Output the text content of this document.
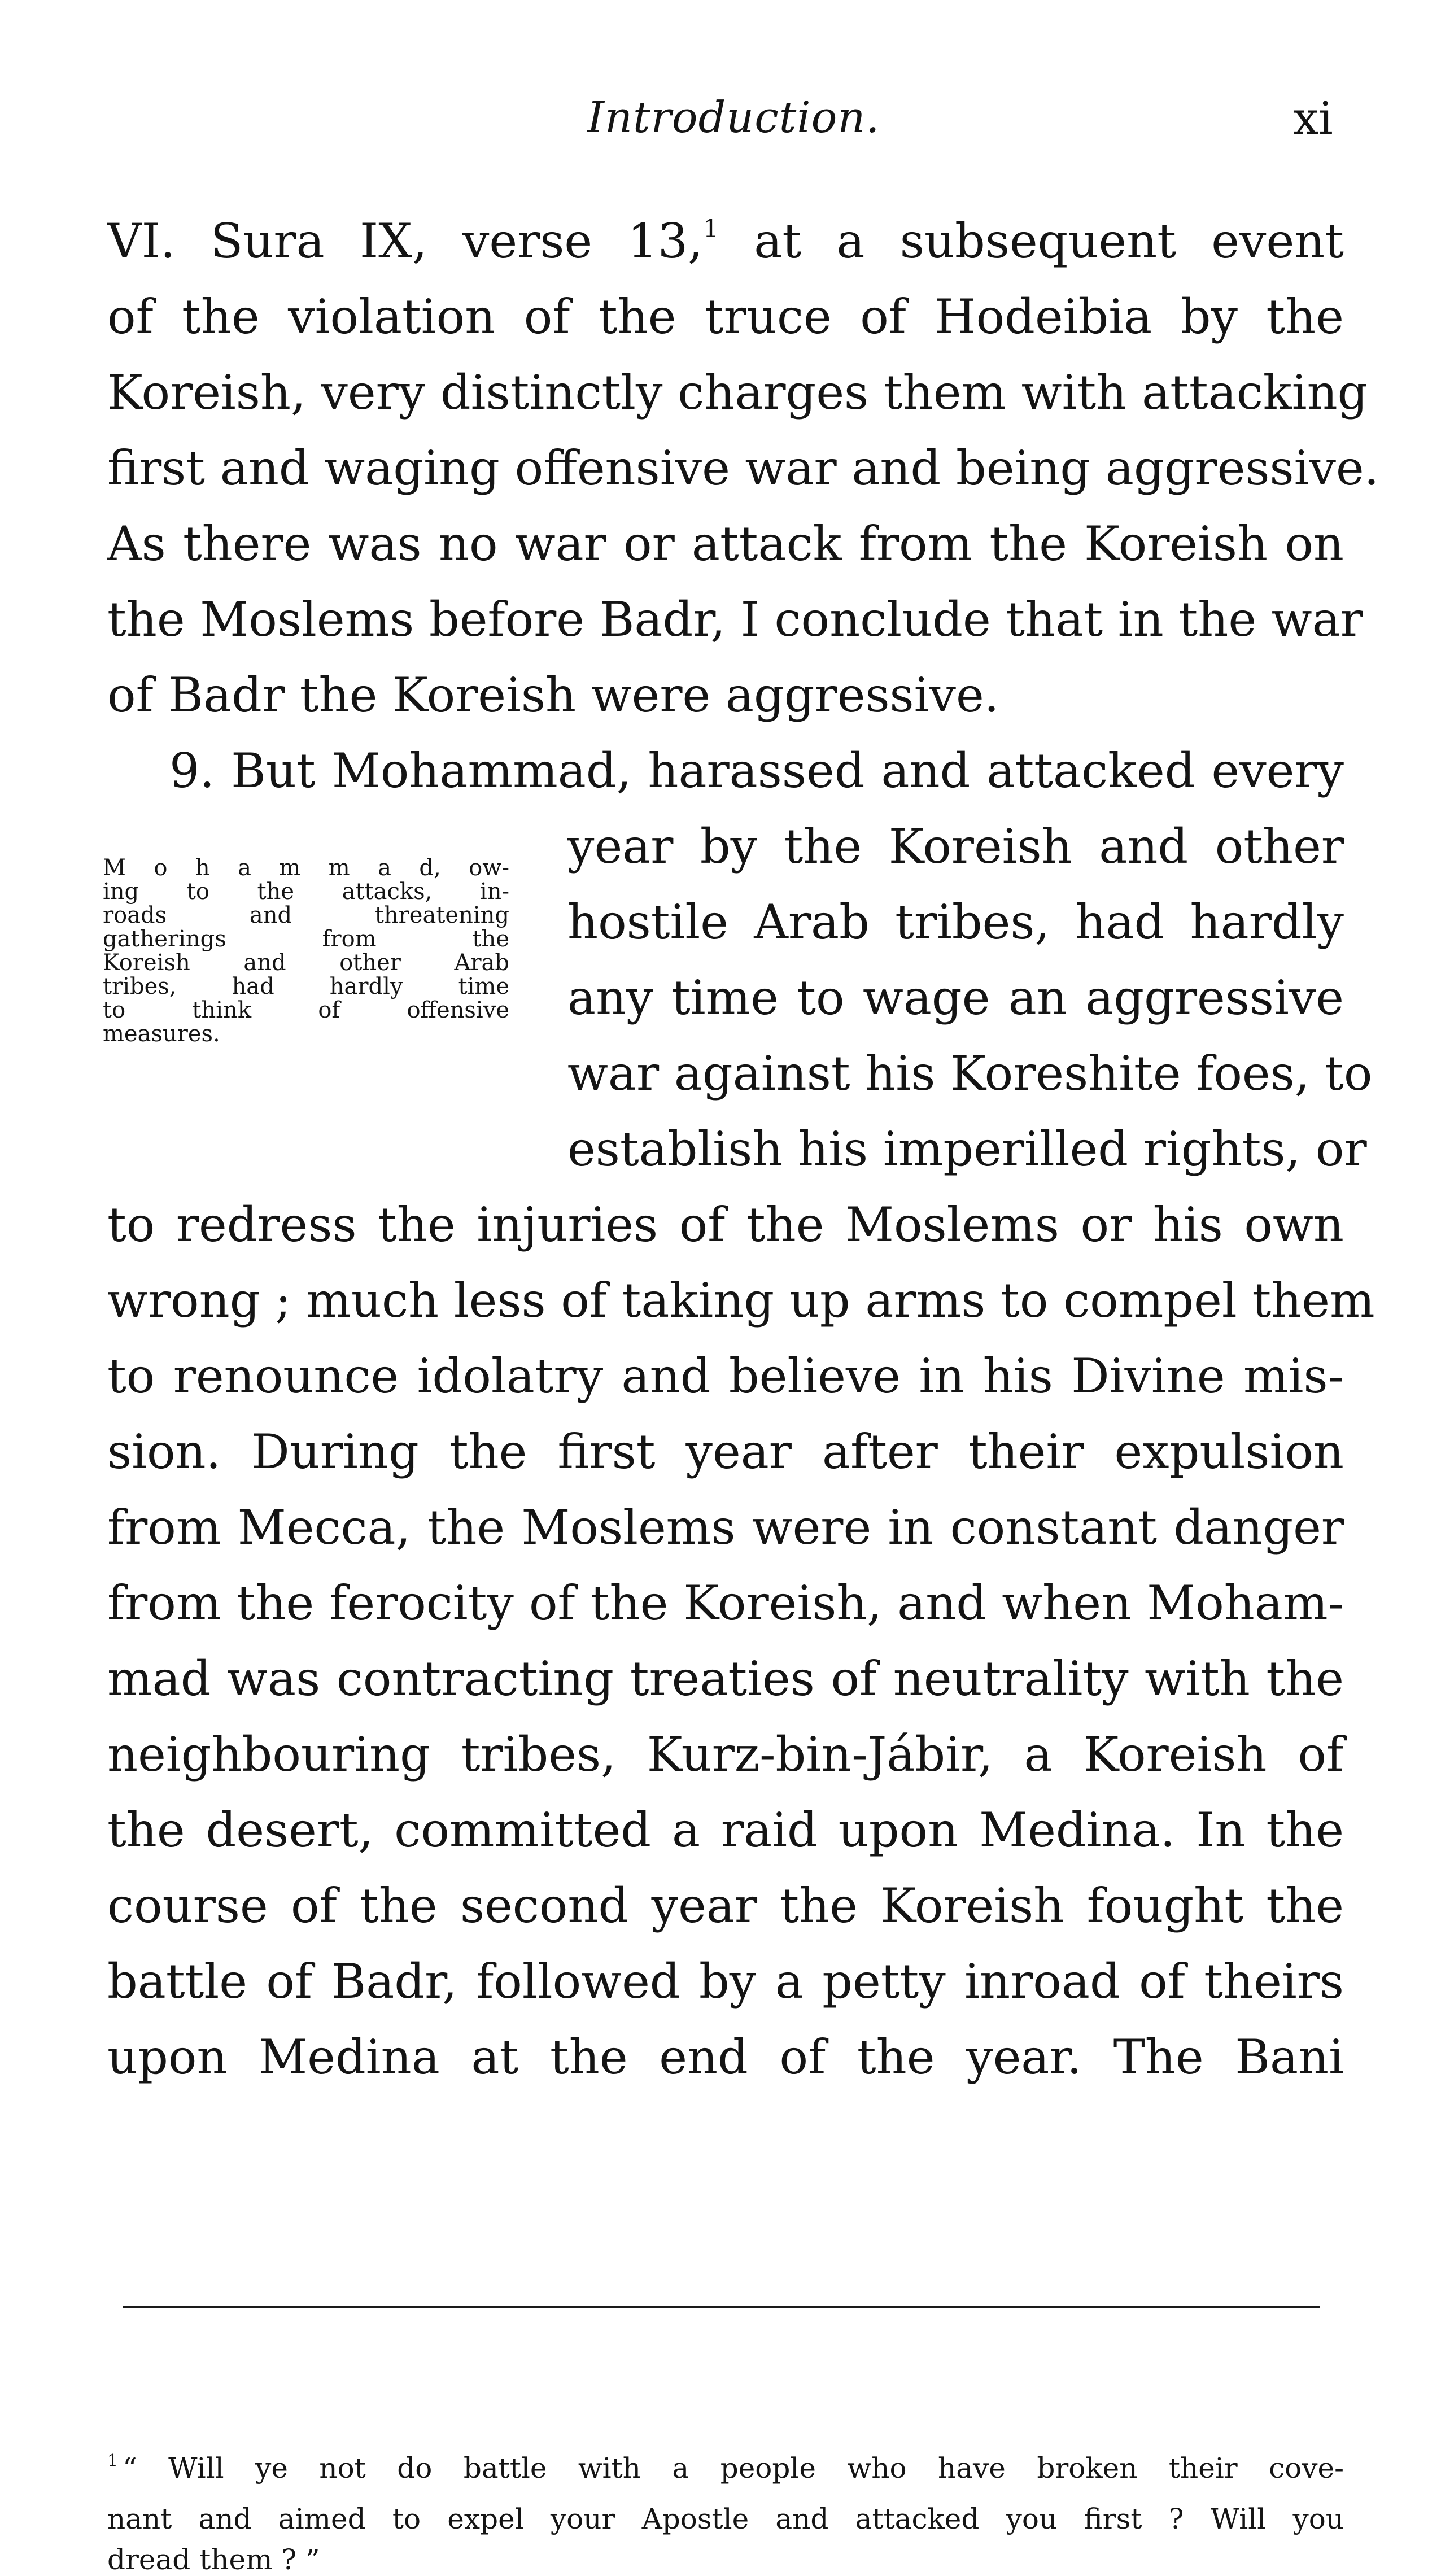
Introduction.	xi
VI. Sura IX, verse 13,$^1$ at a subsequent event
of the violation of the truce of Hodeibia by the
Koreish, very distinctly charges them with attacking
first and waging offensive war and being aggressive.
As there was no war or attack from the Koreish on
the Moslems before Badr, I conclude that in the war
of Badr the Koreish were aggressive.
9. But Mohammad, harassed and attacked every
M o h a m m a d, ow-
ing to the attacks, in-
roads and threatening
gatherings from the
Koreish and other Arab
tribes, had hardly time
to think of offensive
measures.
year by the Koreish and other
hostile Arab tribes, had hardly
any time to wage an aggressive
war against his Koreshite foes, to
establish his imperilled rights, or
to redress the injuries of the Moslems or his own
wrong ; much less of taking up arms to compel them
to renounce idolatry and believe in his Divine mis-
sion. During the first year after their expulsion
from Mecca, the Moslems were in constant danger
from the ferocity of the Koreish, and when Moham-
mad was contracting treaties of neutrality with the
neighbouring tribes, Kurz-bin-Jábir, a Koreish of
the desert, committed a raid upon Medina. In the
course of the second year the Koreish fought the
battle of Badr, followed by a petty inroad of theirs
upon Medina at the end of the year. The Bani
$^1$ “ Will ye not do battle with a people who have broken their cove-
nant and aimed to expel your Apostle and attacked you first ? Will you
dread them ? ”
